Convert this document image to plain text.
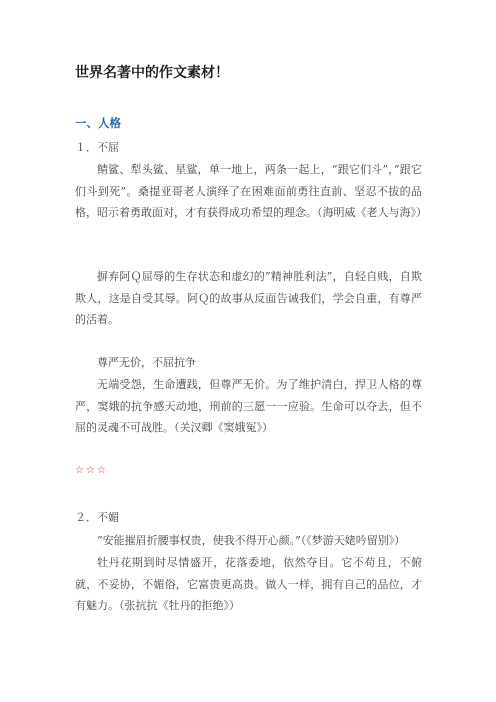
世界名著中的作文素材！
一、人格

１．不屈

鲭鲨、犁头鲨、星鲨，单一地上，两条一起上，“跟它们斗”，”跟它们斗到死”。桑提亚哥老人演绎了在困难面前勇往直前、坚忍不拔的品格，昭示着勇敢面对，才有获得成功希望的理念。（海明威《老人与海》）

摒弃阿Ｑ屈辱的生存状态和虚幻的”精神胜利法”，自轻自贱，自欺欺人，这是自受其辱。阿Ｑ的故事从反面告诫我们，学会自重，有尊严的活着。

尊严无价，不屈抗争

无端受怨，生命遭践，但尊严无价。为了维护清白，捍卫人格的尊严，窦娥的抗争感天动地，刑前的三愿一一应验。生命可以夺去，但不屈的灵魂不可战胜。（关汉卿《窦娥冤》）

☆☆☆

２．不媚

”安能摧眉折腰事权贵，使我不得开心颜。”（《梦游天姥吟留别》）

牡丹花期到时尽情盛开，花落委地，依然夺目。它不苟且，不俯就，不妥协，不媚俗，它富贵更高贵。做人一样，拥有自己的品位，才有魅力。（张抗抗《牡丹的拒绝》）
